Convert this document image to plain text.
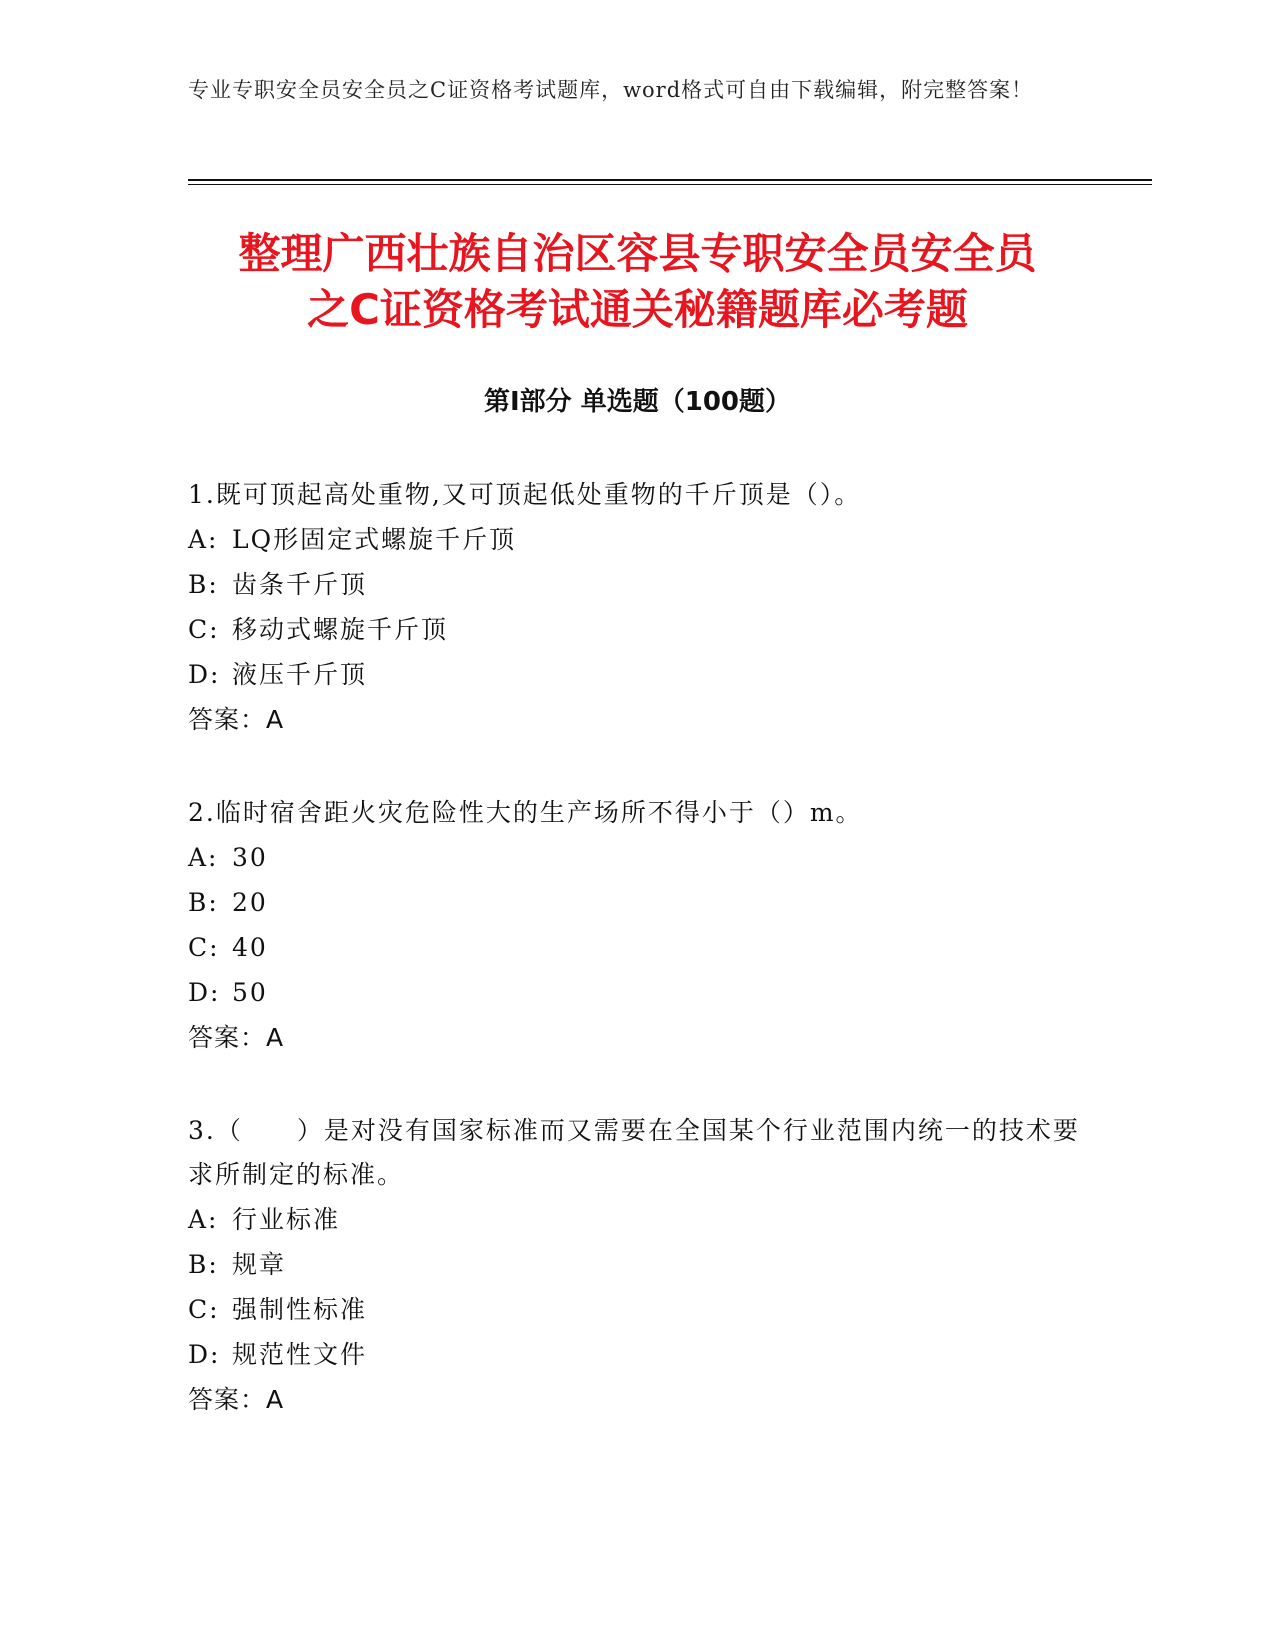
专业专职安全员安全员之C证资格考试题库，word格式可自由下载编辑，附完整答案！
整理广西壮族自治区容县专职安全员安全员
之C证资格考试通关秘籍题库必考题
第Ⅰ部分 单选题（100题）

1.既可顶起高处重物,又可顶起低处重物的千斤顶是（）。

A: LQ形固定式螺旋千斤顶

B: 齿条千斤顶

C: 移动式螺旋千斤顶

D: 液压千斤顶

答案：A

2.临时宿舍距火灾危险性大的生产场所不得小于（）m。

A: 30

B: 20

C: 40

D: 50

答案：A

3.（　　）是对没有国家标准而又需要在全国某个行业范围内统一的技术要求所制定的标准。

A: 行业标准

B: 规章

C: 强制性标准

D: 规范性文件

答案：A
